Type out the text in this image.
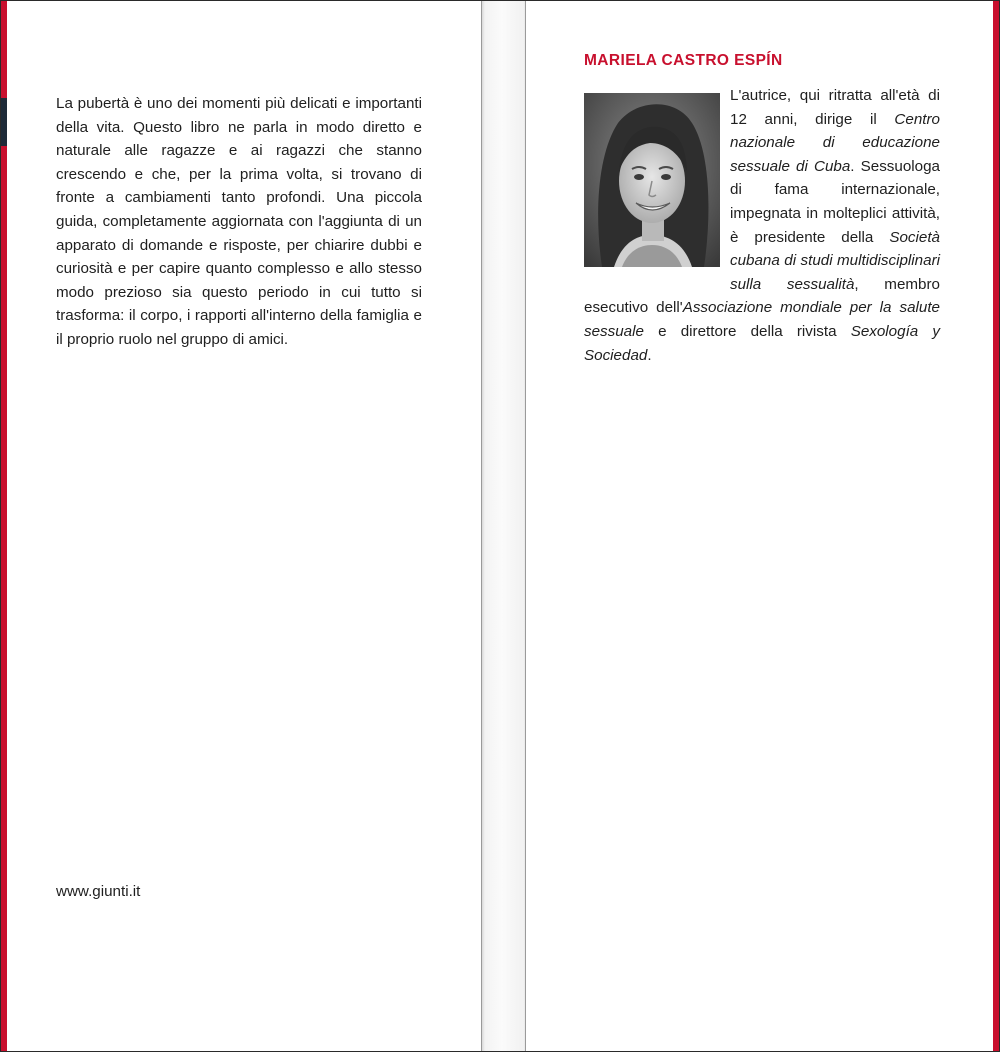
La pubertà è uno dei momenti più delicati e importanti della vita. Questo libro ne parla in modo diretto e naturale alle ragazze e ai ragazzi che stanno crescendo e che, per la prima volta, si trovano di fronte a cambiamenti tanto profondi. Una piccola guida, completamente aggiornata con l'aggiunta di un apparato di domande e risposte, per chiarire dubbi e curiosità e per capire quanto complesso e allo stesso modo prezioso sia questo periodo in cui tutto si trasforma: il corpo, i rapporti all'interno della famiglia e il proprio ruolo nel gruppo di amici.

www.giunti.it
MARIELA CASTRO ESPÍN
L'autrice, qui ritratta all'età di 12 anni, dirige il Centro nazionale di educazione sessuale di Cuba. Sessuologa di fama internazionale, impegnata in molteplici attività, è presidente della Società cubana di studi multidisciplinari sulla sessualità, membro esecutivo dell'Associazione mondiale per la salute sessuale e direttore della rivista Sexología y Sociedad.
